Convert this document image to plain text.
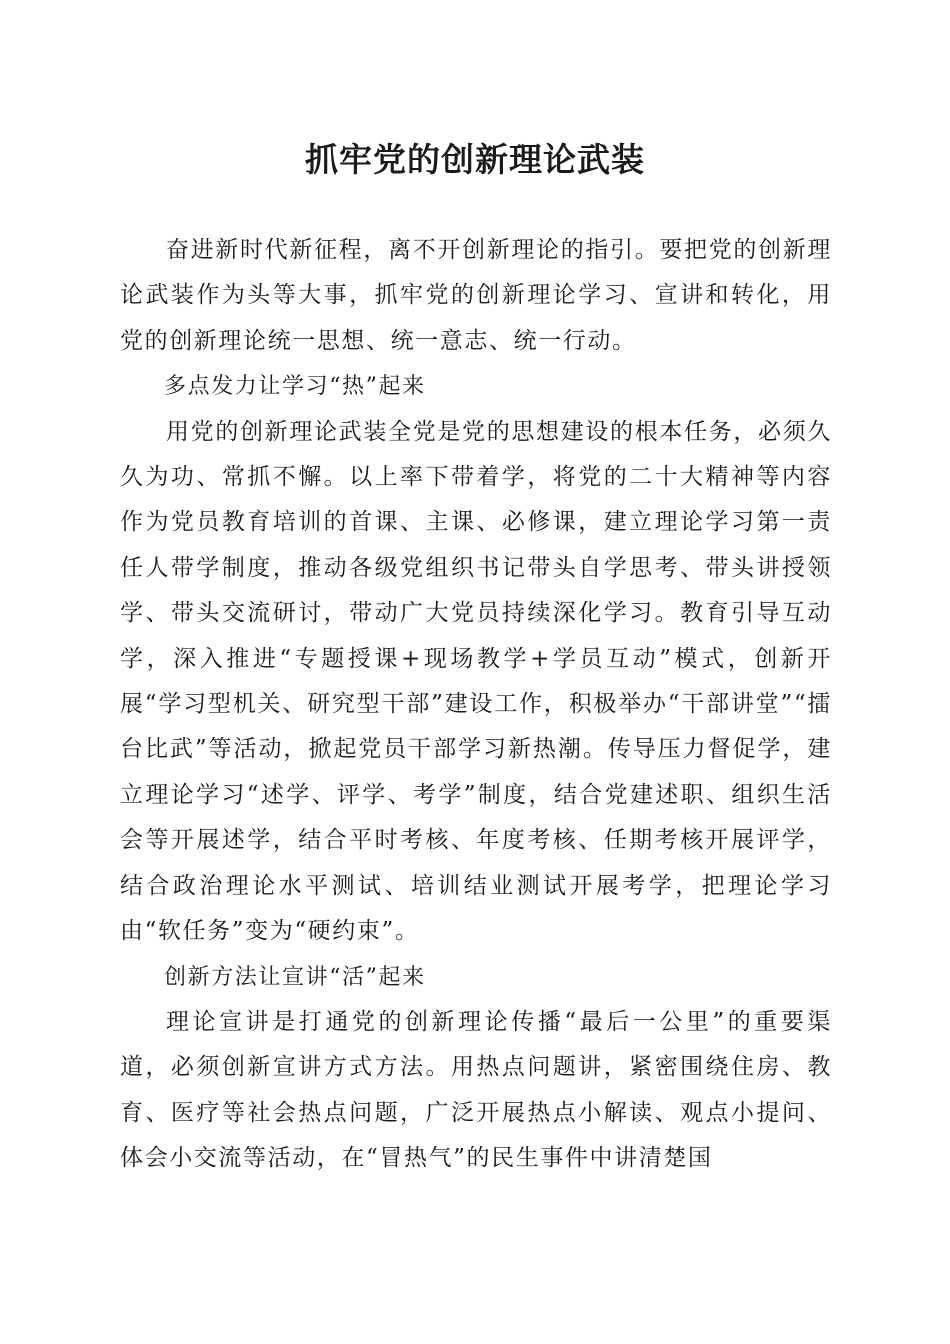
抓牢党的创新理论武装

奋进新时代新征程，离不开创新理论的指引。要把党的创新理论武装作为头等大事，抓牢党的创新理论学习、宣讲和转化，用党的创新理论统一思想、统一意志、统一行动。

多点发力让学习“热”起来

用党的创新理论武装全党是党的思想建设的根本任务，必须久久为功、常抓不懈。以上率下带着学，将党的二十大精神等内容作为党员教育培训的首课、主课、必修课，建立理论学习第一责任人带学制度，推动各级党组织书记带头自学思考、带头讲授领学、带头交流研讨，带动广大党员持续深化学习。教育引导互动学，深入推进“专题授课+现场教学+学员互动”模式，创新开展“学习型机关、研究型干部”建设工作，积极举办“干部讲堂”“擂台比武”等活动，掀起党员干部学习新热潮。传导压力督促学，建立理论学习“述学、评学、考学”制度，结合党建述职、组织生活会等开展述学，结合平时考核、年度考核、任期考核开展评学，结合政治理论水平测试、培训结业测试开展考学，把理论学习由“软任务”变为“硬约束”。

创新方法让宣讲“活”起来

理论宣讲是打通党的创新理论传播“最后一公里”的重要渠道，必须创新宣讲方式方法。用热点问题讲，紧密围绕住房、教育、医疗等社会热点问题，广泛开展热点小解读、观点小提问、体会小交流等活动，在“冒热气”的民生事件中讲清楚国
